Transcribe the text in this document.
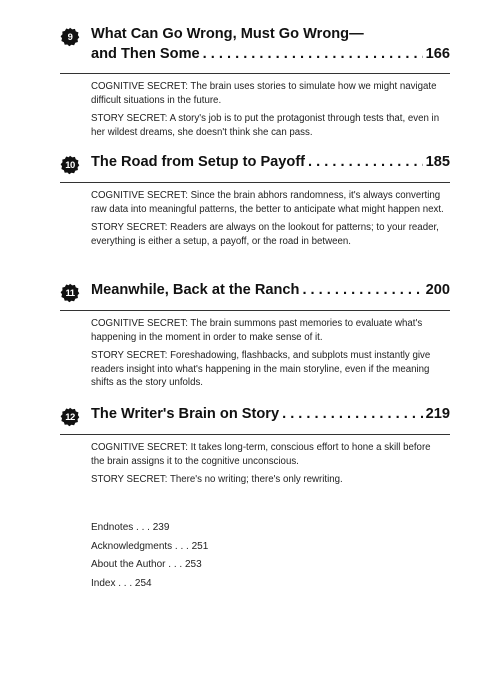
9 What Can Go Wrong, Must Go Wrong—
and Then Some . . .	166

COGNITIVE SECRET: The brain uses stories to simulate how we might navigate difficult situations in the future.

STORY SECRET: A story's job is to put the protagonist through tests that, even in her wildest dreams, she doesn't think she can pass.

10 The Road from Setup to Payoff . . .	185

COGNITIVE SECRET: Since the brain abhors randomness, it's always converting raw data into meaningful patterns, the better to anticipate what might happen next.

STORY SECRET: Readers are always on the lookout for patterns; to your reader, everything is either a setup, a payoff, or the road in between.

11 Meanwhile, Back at the Ranch . . .	200

COGNITIVE SECRET: The brain summons past memories to evaluate what's happening in the moment in order to make sense of it.

STORY SECRET: Foreshadowing, flashbacks, and subplots must instantly give readers insight into what's happening in the main storyline, even if the meaning shifts as the story unfolds.

12 The Writer's Brain on Story . . .	219

COGNITIVE SECRET: It takes long-term, conscious effort to hone a skill before the brain assigns it to the cognitive unconscious.

STORY SECRET: There's no writing; there's only rewriting.

Endnotes . . . 239
Acknowledgments . . . 251
About the Author . . . 253
Index . . . 254
